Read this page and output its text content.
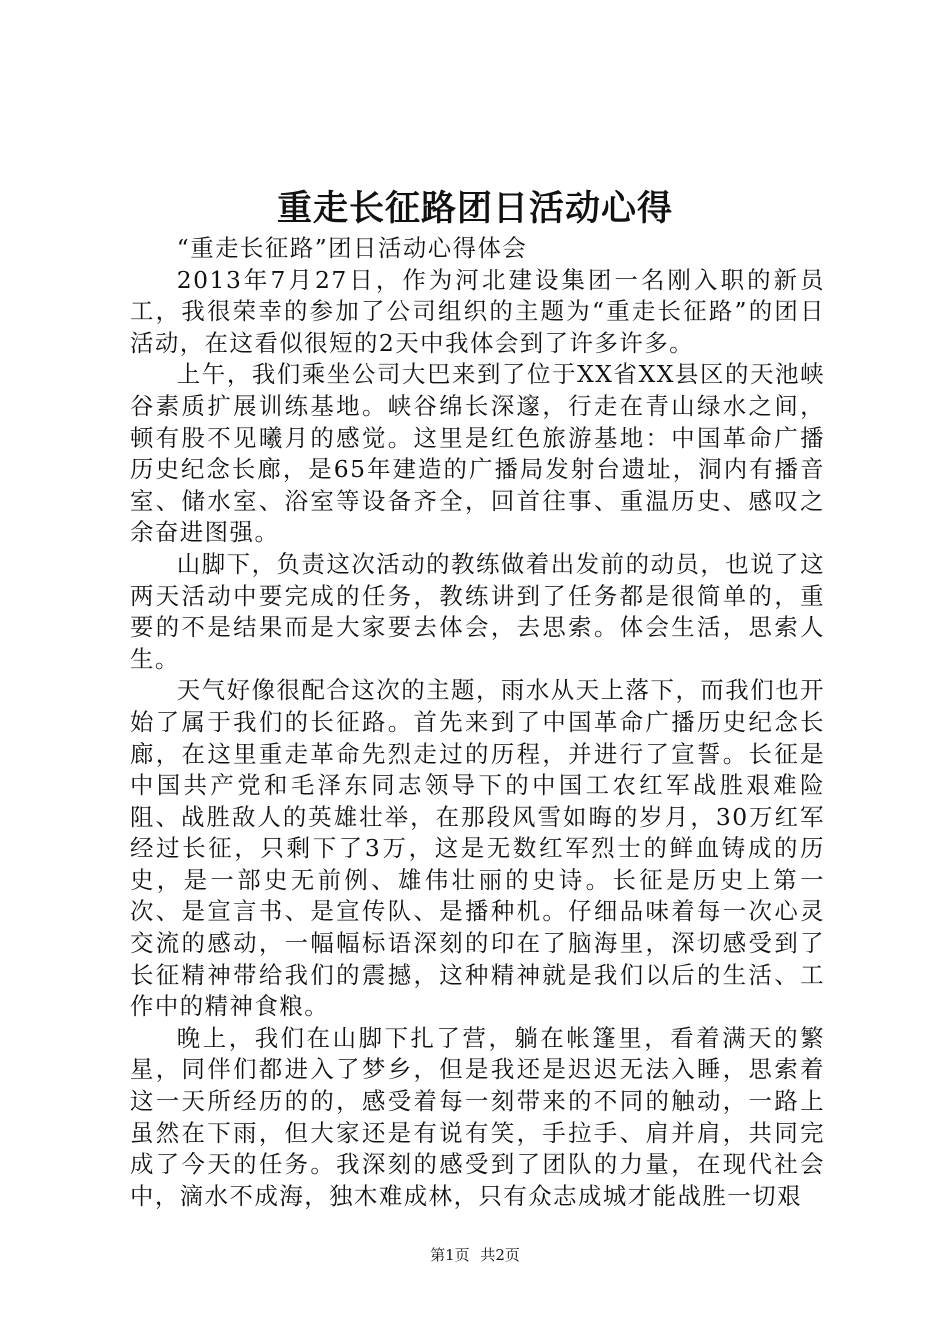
重走长征路团日活动心得

“重走长征路”团日活动心得体会

2013年7月27日，作为河北建设集团一名刚入职的新员工，我很荣幸的参加了公司组织的主题为“重走长征路”的团日活动，在这看似很短的2天中我体会到了许多许多。

上午，我们乘坐公司大巴来到了位于XX省XX县区的天池峡谷素质扩展训练基地。峡谷绵长深邃，行走在青山绿水之间，顿有股不见曦月的感觉。这里是红色旅游基地：中国革命广播历史纪念长廊，是65年建造的广播局发射台遗址，洞内有播音室、储水室、浴室等设备齐全，回首往事、重温历史、感叹之余奋进图强。

山脚下，负责这次活动的教练做着出发前的动员，也说了这两天活动中要完成的任务，教练讲到了任务都是很简单的，重要的不是结果而是大家要去体会，去思索。体会生活，思索人生。

天气好像很配合这次的主题，雨水从天上落下，而我们也开始了属于我们的长征路。首先来到了中国革命广播历史纪念长廊，在这里重走革命先烈走过的历程，并进行了宣誓。长征是中国共产党和毛泽东同志领导下的中国工农红军战胜艰难险阻、战胜敌人的英雄壮举，在那段风雪如晦的岁月，30万红军经过长征，只剩下了3万，这是无数红军烈士的鲜血铸成的历史，是一部史无前例、雄伟壮丽的史诗。长征是历史上第一次、是宣言书、是宣传队、是播种机。仔细品味着每一次心灵交流的感动，一幅幅标语深刻的印在了脑海里，深切感受到了长征精神带给我们的震撼，这种精神就是我们以后的生活、工作中的精神食粮。

晚上，我们在山脚下扎了营，躺在帐篷里，看着满天的繁星，同伴们都进入了梦乡，但是我还是迟迟无法入睡，思索着这一天所经历的的，感受着每一刻带来的不同的触动，一路上虽然在下雨，但大家还是有说有笑，手拉手、肩并肩，共同完成了今天的任务。我深刻的感受到了团队的力量，在现代社会中，滴水不成海，独木难成林，只有众志成城才能战胜一切艰

第1页 共2页
